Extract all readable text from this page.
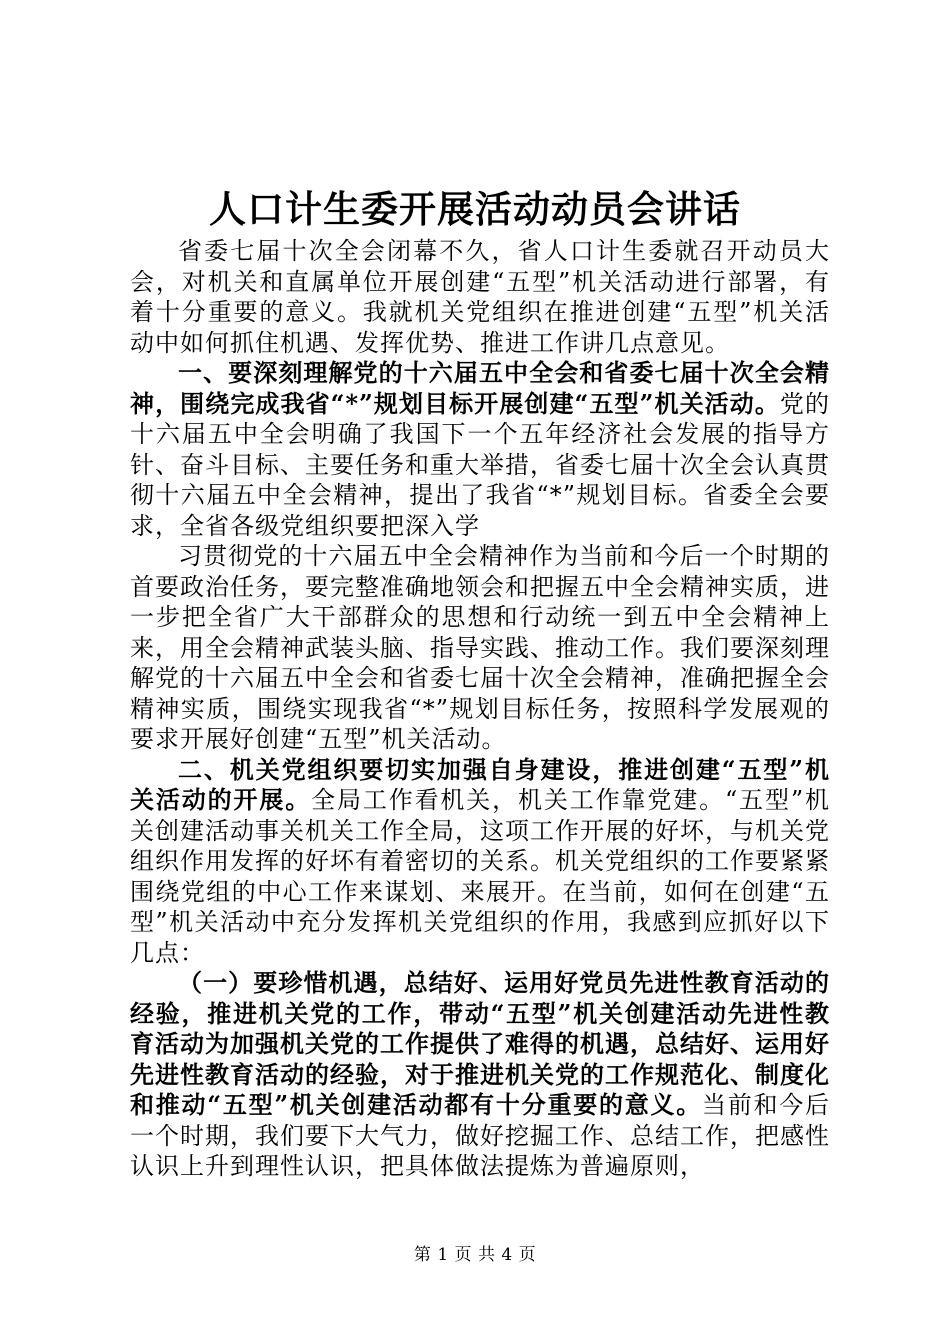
人口计生委开展活动动员会讲话

省委七届十次全会闭幕不久，省人口计生委就召开动员大会，对机关和直属单位开展创建“五型”机关活动进行部署，有着十分重要的意义。我就机关党组织在推进创建“五型”机关活动中如何抓住机遇、发挥优势、推进工作讲几点意见。

一、要深刻理解党的十六届五中全会和省委七届十次全会精神，围绕完成我省“*”规划目标开展创建“五型”机关活动。党的十六届五中全会明确了我国下一个五年经济社会发展的指导方针、奋斗目标、主要任务和重大举措，省委七届十次全会认真贯彻十六届五中全会精神，提出了我省“*”规划目标。省委全会要求，全省各级党组织要把深入学

习贯彻党的十六届五中全会精神作为当前和今后一个时期的首要政治任务，要完整准确地领会和把握五中全会精神实质，进一步把全省广大干部群众的思想和行动统一到五中全会精神上来，用全会精神武装头脑、指导实践、推动工作。我们要深刻理解党的十六届五中全会和省委七届十次全会精神，准确把握全会精神实质，围绕实现我省“*”规划目标任务，按照科学发展观的要求开展好创建“五型”机关活动。

二、机关党组织要切实加强自身建设，推进创建“五型”机关活动的开展。全局工作看机关，机关工作靠党建。“五型”机关创建活动事关机关工作全局，这项工作开展的好坏，与机关党组织作用发挥的好坏有着密切的关系。机关党组织的工作要紧紧围绕党组的中心工作来谋划、来展开。在当前，如何在创建“五型”机关活动中充分发挥机关党组织的作用，我感到应抓好以下几点：

（一）要珍惜机遇，总结好、运用好党员先进性教育活动的经验，推进机关党的工作，带动“五型”机关创建活动先进性教育活动为加强机关党的工作提供了难得的机遇，总结好、运用好先进性教育活动的经验，对于推进机关党的工作规范化、制度化和推动“五型”机关创建活动都有十分重要的意义。当前和今后一个时期，我们要下大气力，做好挖掘工作、总结工作，把感性认识上升到理性认识，把具体做法提炼为普遍原则，

第 1 页 共 4 页
